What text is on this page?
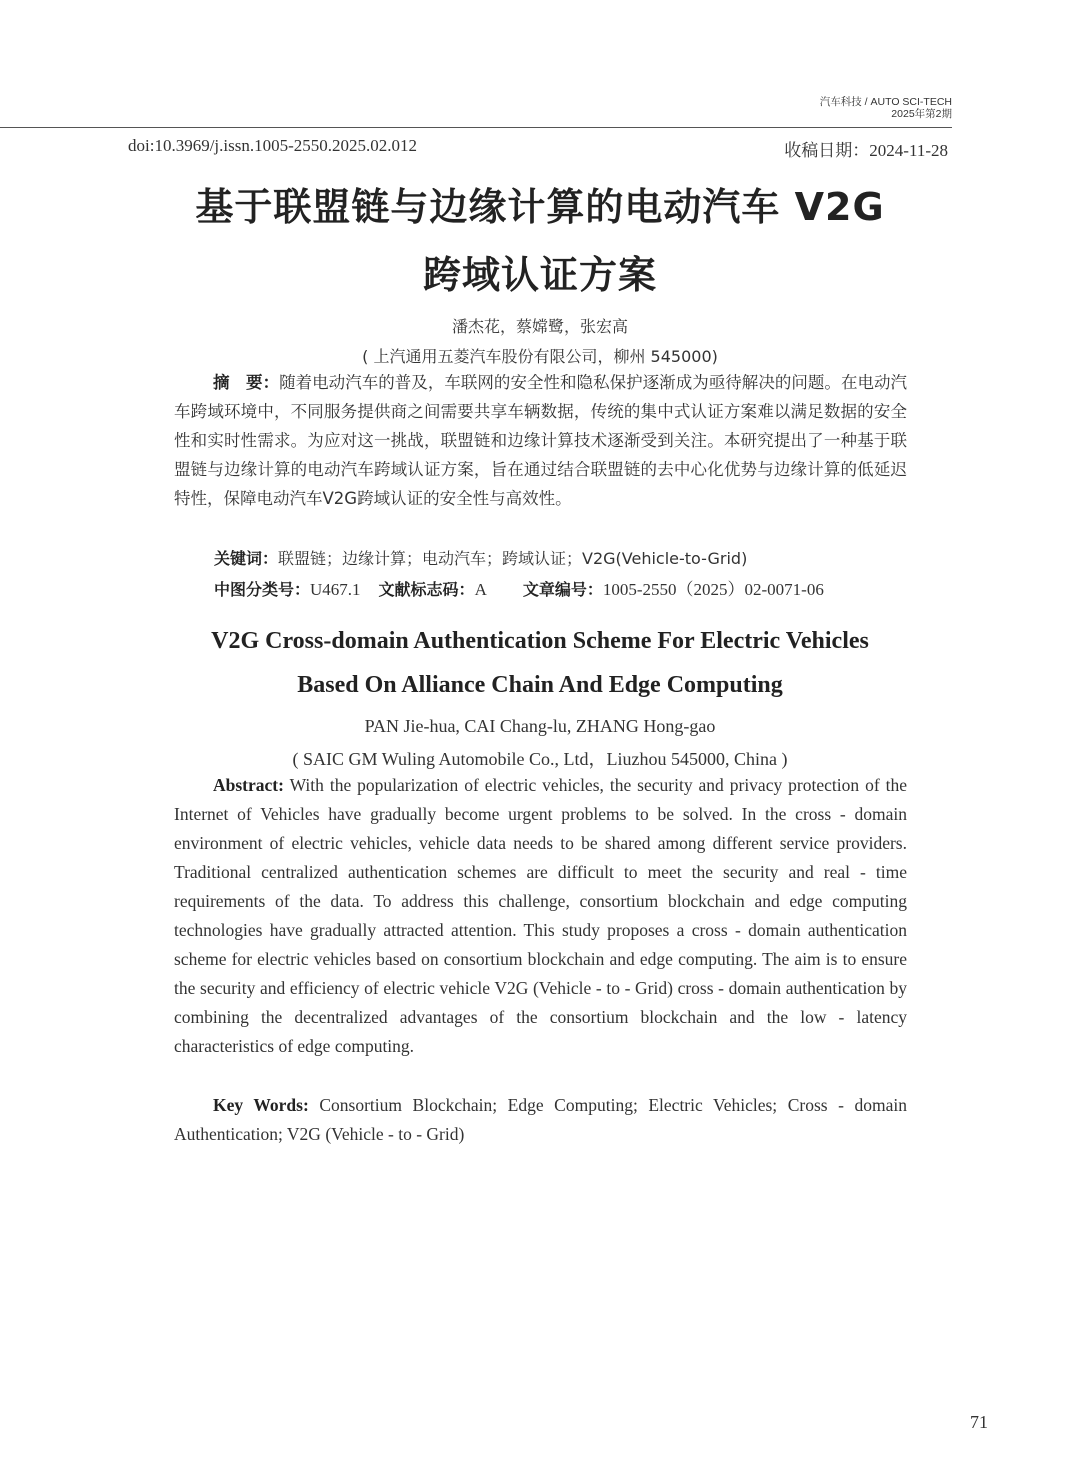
汽车科技 / AUTO SCI-TECH
2025年第2期
doi:10.3969/j.issn.1005-2550.2025.02.012	收稿日期：2024-11-28
基于联盟链与边缘计算的电动汽车 V2G
跨域认证方案
潘杰花，蔡嫦鹭，张宏高
( 上汽通用五菱汽车股份有限公司，柳州 545000)
摘　要：随着电动汽车的普及，车联网的安全性和隐私保护逐渐成为亟待解决的问题。在电动汽车跨域环境中，不同服务提供商之间需要共享车辆数据，传统的集中式认证方案难以满足数据的安全性和实时性需求。为应对这一挑战，联盟链和边缘计算技术逐渐受到关注。本研究提出了一种基于联盟链与边缘计算的电动汽车跨域认证方案，旨在通过结合联盟链的去中心化优势与边缘计算的低延迟特性，保障电动汽车V2G跨域认证的安全性与高效性。
关键词：联盟链；边缘计算；电动汽车；跨域认证；V2G(Vehicle-to-Grid)
中图分类号：U467.1 文献标志码：A 文章编号：1005-2550（2025）02-0071-06
V2G Cross-domain Authentication Scheme For Electric Vehicles
Based On Alliance Chain And Edge Computing
PAN Jie-hua, CAI Chang-lu, ZHANG Hong-gao
( SAIC GM Wuling Automobile Co., Ltd，Liuzhou 545000, China )
Abstract: With the popularization of electric vehicles, the security and privacy protection of the Internet of Vehicles have gradually become urgent problems to be solved. In the cross - domain environment of electric vehicles, vehicle data needs to be shared among different service providers. Traditional centralized authentication schemes are difficult to meet the security and real - time requirements of the data. To address this challenge, consortium blockchain and edge computing technologies have gradually attracted attention. This study proposes a cross - domain authentication scheme for electric vehicles based on consortium blockchain and edge computing. The aim is to ensure the security and efficiency of electric vehicle V2G (Vehicle - to - Grid) cross - domain authentication by combining the decentralized advantages of the consortium blockchain and the low - latency characteristics of edge computing.
Key Words: Consortium Blockchain; Edge Computing; Electric Vehicles; Cross - domain Authentication; V2G (Vehicle - to - Grid)
71
